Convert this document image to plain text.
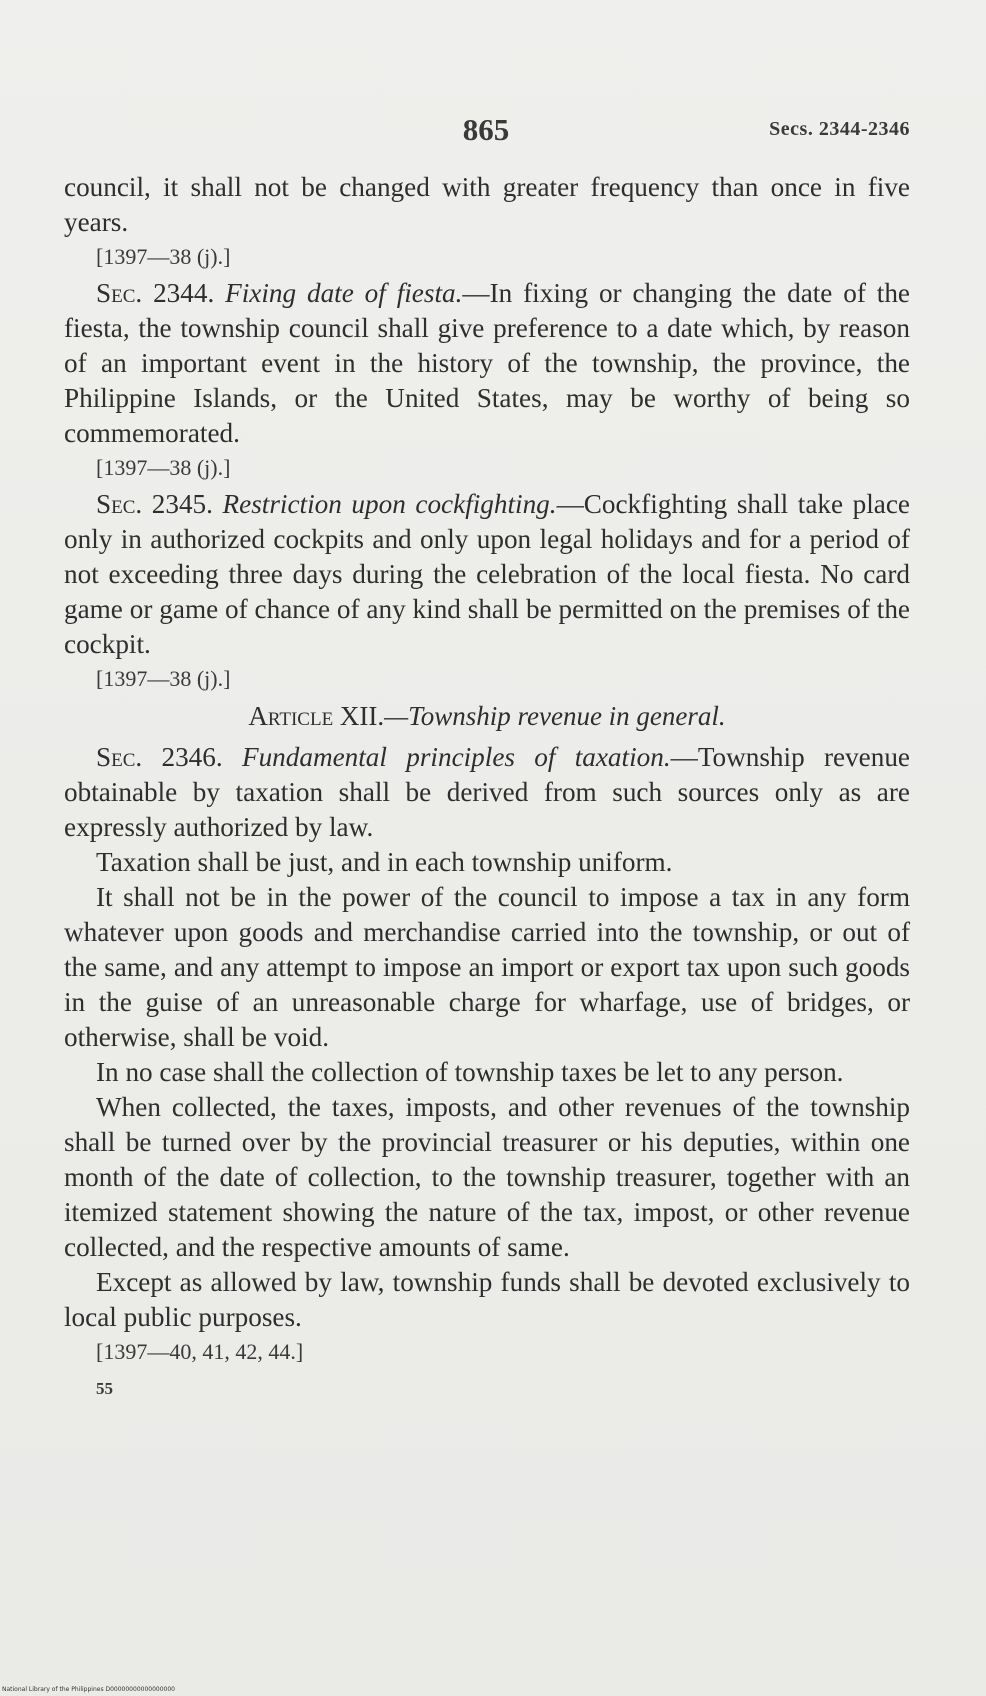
865	Secs. 2344-2346

council, it shall not be changed with greater frequency than once in five years.

[1397—38 (j).]

Sec. 2344. Fixing date of fiesta.—In fixing or changing the date of the fiesta, the township council shall give preference to a date which, by reason of an important event in the history of the township, the province, the Philippine Islands, or the United States, may be worthy of being so commemorated.

[1397—38 (j).]

Sec. 2345. Restriction upon cockfighting.—Cockfighting shall take place only in authorized cockpits and only upon legal holidays and for a period of not exceeding three days during the celebration of the local fiesta. No card game or game of chance of any kind shall be permitted on the premises of the cockpit.

[1397—38 (j).]
Article XII.—Township revenue in general.

Sec. 2346. Fundamental principles of taxation.—Township revenue obtainable by taxation shall be derived from such sources only as are expressly authorized by law.

Taxation shall be just, and in each township uniform.

It shall not be in the power of the council to impose a tax in any form whatever upon goods and merchandise carried into the township, or out of the same, and any attempt to impose an import or export tax upon such goods in the guise of an unreasonable charge for wharfage, use of bridges, or otherwise, shall be void.

In no case shall the collection of township taxes be let to any person.

When collected, the taxes, imposts, and other revenues of the township shall be turned over by the provincial treasurer or his deputies, within one month of the date of collection, to the township treasurer, together with an itemized statement showing the nature of the tax, impost, or other revenue collected, and the respective amounts of same.

Except as allowed by law, township funds shall be devoted exclusively to local public purposes.

[1397—40, 41, 42, 44.]
55
National Library of the Philippines D00000000000000000
